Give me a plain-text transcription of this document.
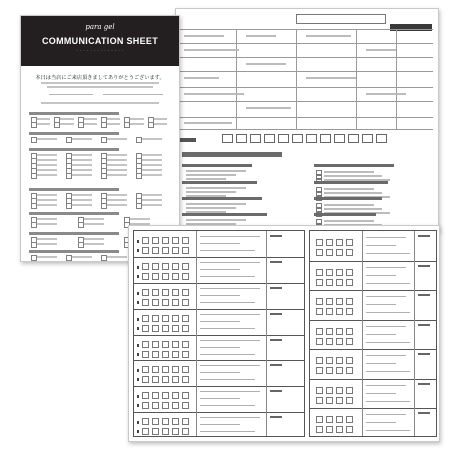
para gel
COMMUNICATION SHEET
・・・・・・・・・・・・・・
本日は当店にご来店頂きましてありがとうございます。
